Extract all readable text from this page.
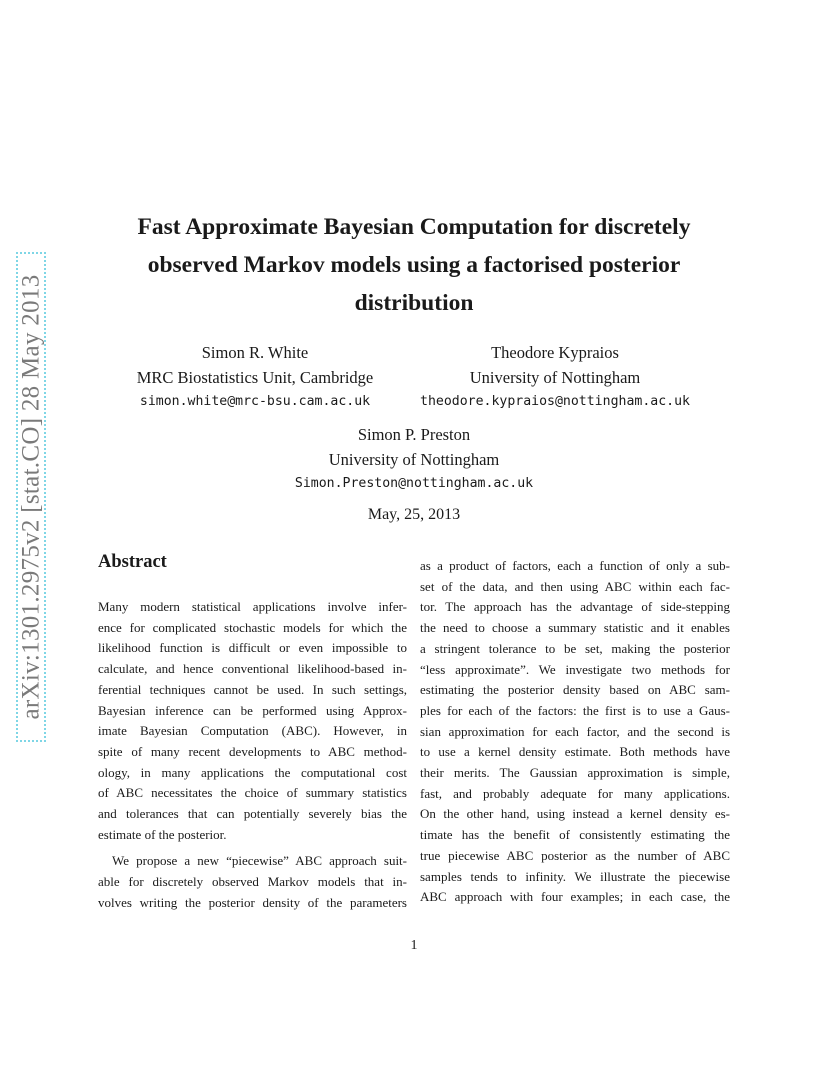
arXiv:1301.2975v2 [stat.CO] 28 May 2013
Fast Approximate Bayesian Computation for discretely
observed Markov models using a factorised posterior
distribution
Simon R. White
MRC Biostatistics Unit, Cambridge
simon.white@mrc-bsu.cam.ac.uk
Theodore Kypraios
University of Nottingham
theodore.kypraios@nottingham.ac.uk
Simon P. Preston
University of Nottingham
Simon.Preston@nottingham.ac.uk
May, 25, 2013
Abstract

Many modern statistical applications involve infer-
ence for complicated stochastic models for which the
likelihood function is difficult or even impossible to
calculate, and hence conventional likelihood-based in-
ferential techniques cannot be used. In such settings,
Bayesian inference can be performed using Approx-
imate Bayesian Computation (ABC). However, in
spite of many recent developments to ABC method-
ology, in many applications the computational cost
of ABC necessitates the choice of summary statistics
and tolerances that can potentially severely bias the
estimate of the posterior.

We propose a new “piecewise” ABC approach suit-
able for discretely observed Markov models that in-
volves writing the posterior density of the parameters

as a product of factors, each a function of only a sub-
set of the data, and then using ABC within each fac-
tor. The approach has the advantage of side-stepping
the need to choose a summary statistic and it enables
a stringent tolerance to be set, making the posterior
“less approximate”. We investigate two methods for
estimating the posterior density based on ABC sam-
ples for each of the factors: the first is to use a Gaus-
sian approximation for each factor, and the second is
to use a kernel density estimate. Both methods have
their merits. The Gaussian approximation is simple,
fast, and probably adequate for many applications.
On the other hand, using instead a kernel density es-
timate has the benefit of consistently estimating the
true piecewise ABC posterior as the number of ABC
samples tends to infinity. We illustrate the piecewise
ABC approach with four examples; in each case, the

1
